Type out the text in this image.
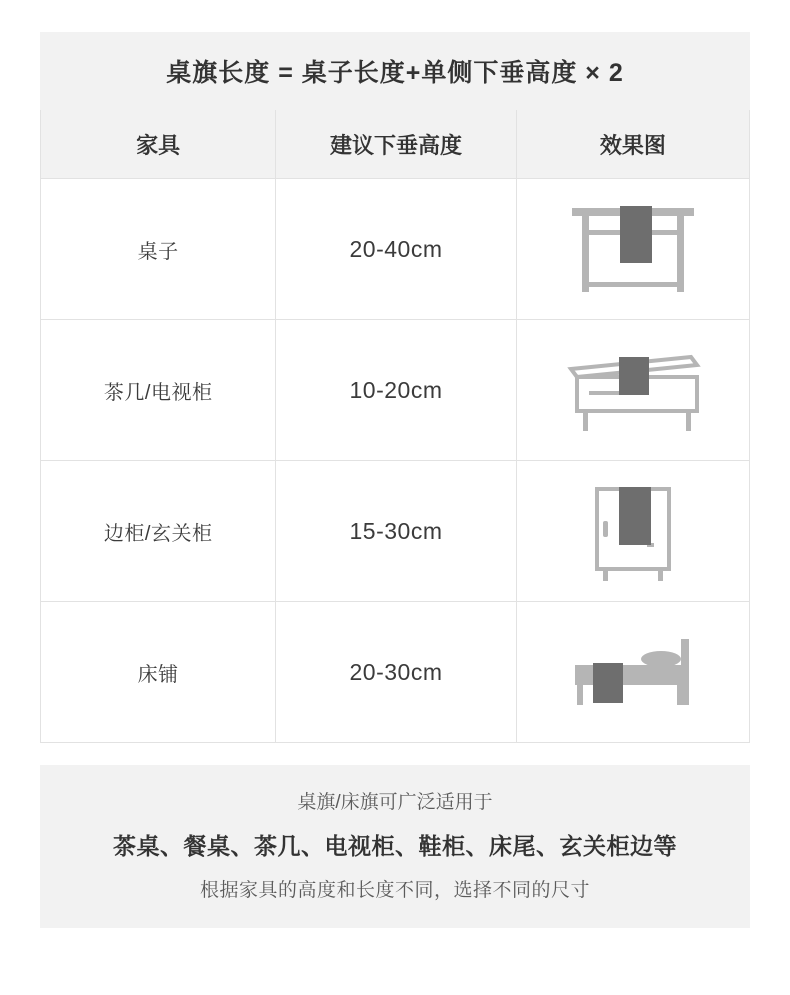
桌旗长度 = 桌子长度+单侧下垂高度 × 2
家具	建议下垂高度	效果图
桌子	20-40cm
茶几/电视柜	10-20cm
边柜/玄关柜	15-30cm
床铺	20-30cm
桌旗/床旗可广泛适用于
茶桌、餐桌、茶几、电视柜、鞋柜、床尾、玄关柜边等
根据家具的高度和长度不同，选择不同的尺寸
